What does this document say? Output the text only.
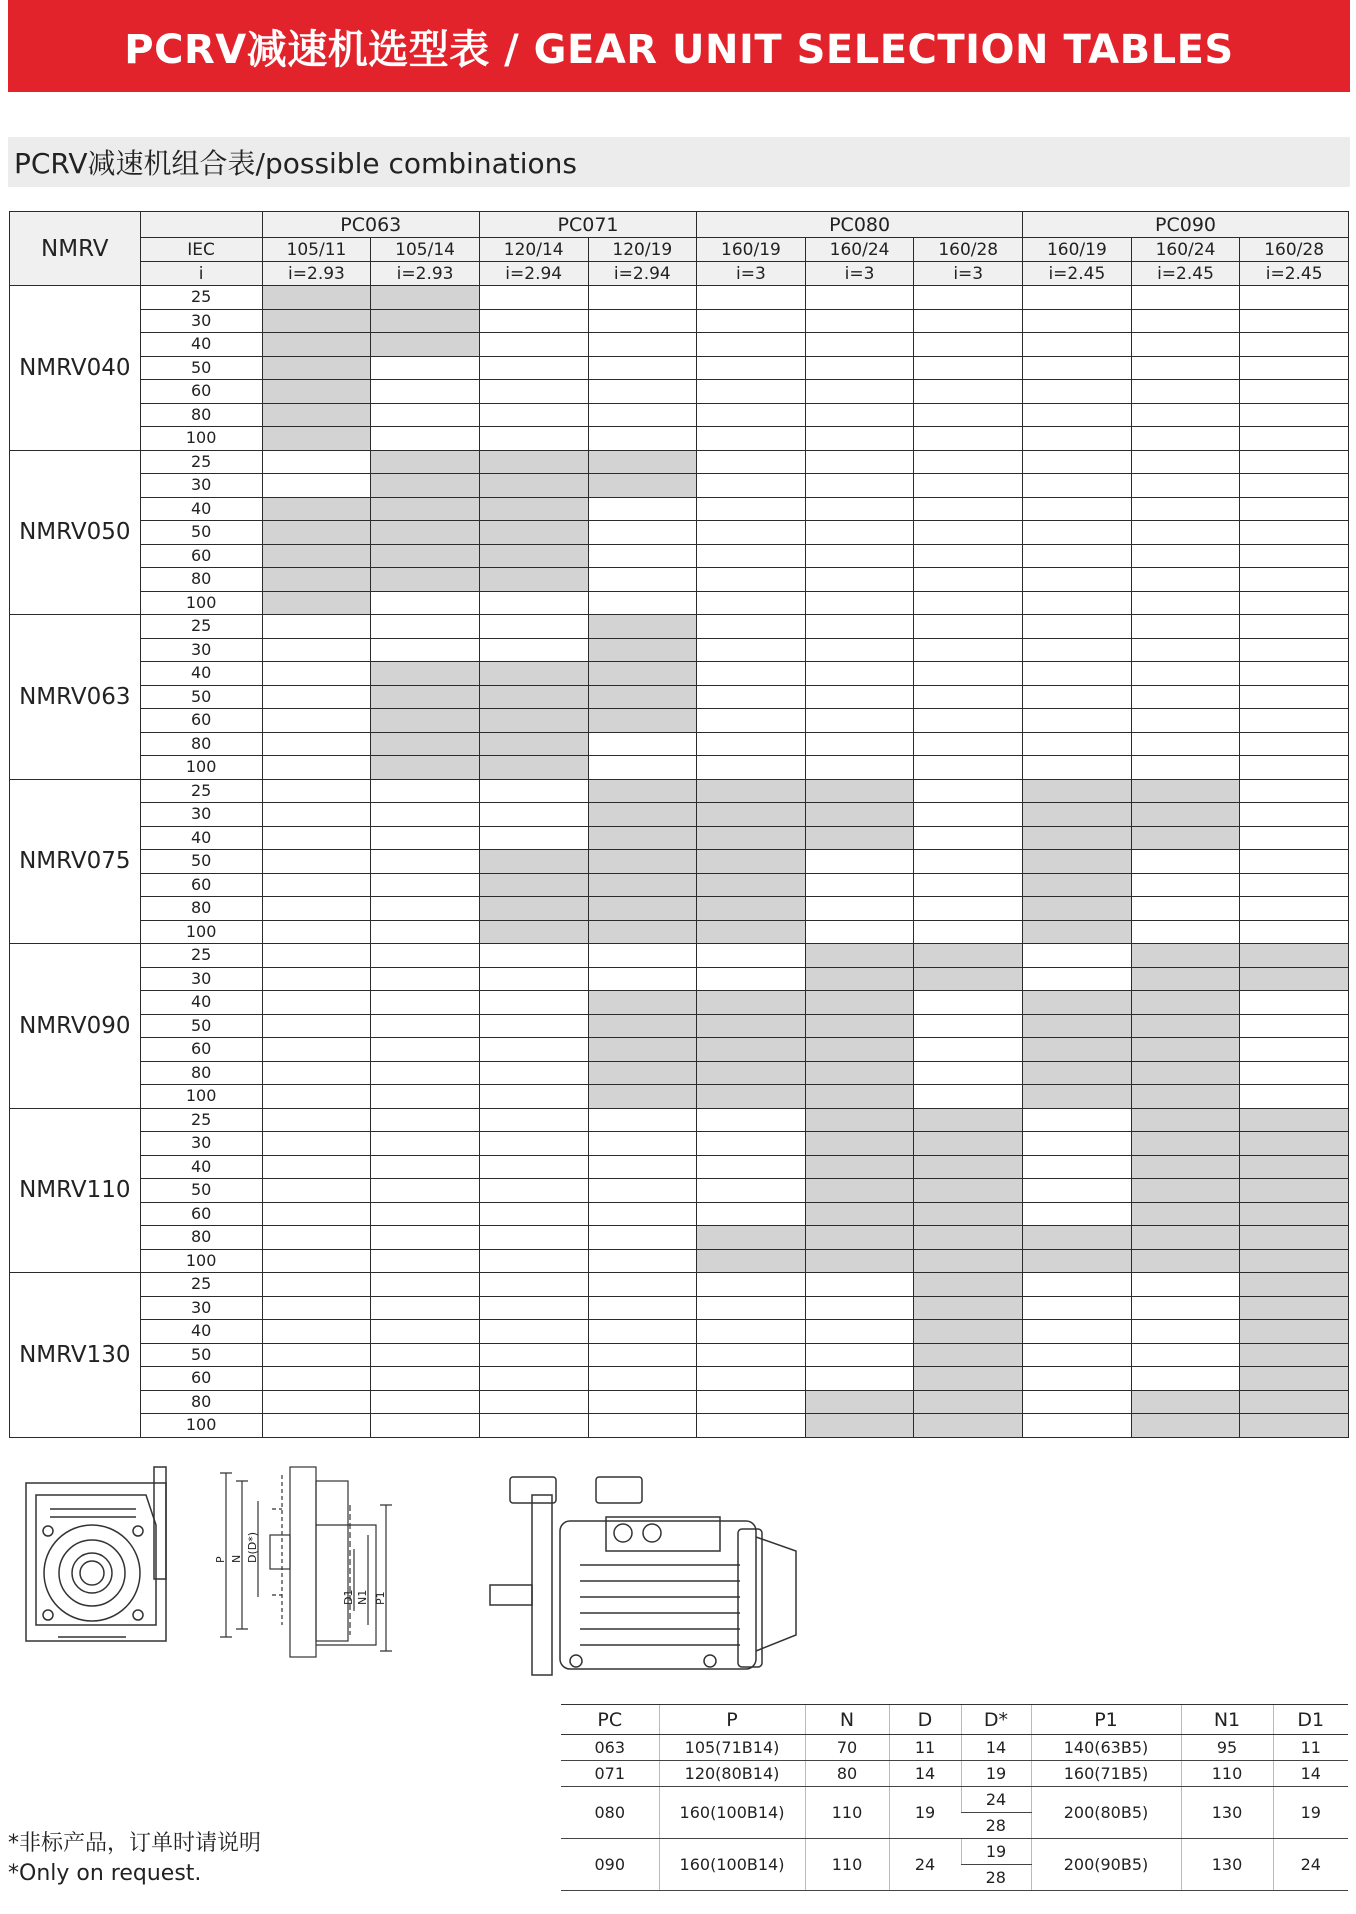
PCRV减速机选型表 / GEAR UNIT SELECTION TABLES
PCRV减速机组合表/possible combinations
NMRV		PC063		PC071		PC080			PC090		
	IEC	105/11	105/14	120/14	120/19	160/19	160/24	160/28	160/19	160/24	160/28
	i	i=2.93	i=2.93	i=2.94	i=2.94	i=3	i=3	i=3	i=2.45	i=2.45	i=2.45
NMRV040	25										
	30										
	40										
	50										
	60										
	80										
	100										
NMRV050	25										
	30										
	40										
	50										
	60										
	80										
	100										
NMRV063	25										
	30										
	40										
	50										
	60										
	80										
	100										
NMRV075	25										
	30										
	40										
	50										
	60										
	80										
	100										
NMRV090	25										
	30										
	40										
	50										
	60										
	80										
	100										
NMRV110	25										
	30										
	40										
	50										
	60										
	80										
	100										
NMRV130	25										
	30										
	40										
	50										
	60										
	80										
	100										
P N D(D*)
D1 N1 P1
PC	P	N	D	D*	P1	N1	D1
063	105(71B14)	70	11	14	140(63B5)	95	11
071	120(80B14)	80	14	19	160(71B5)	110	14
080	160(100B14)	110	19	24	200(80B5)	130	19
				28			
090	160(100B14)	110	24	19	200(90B5)	130	24
				28			
*非标产品，订单时请说明
*Only on request.
